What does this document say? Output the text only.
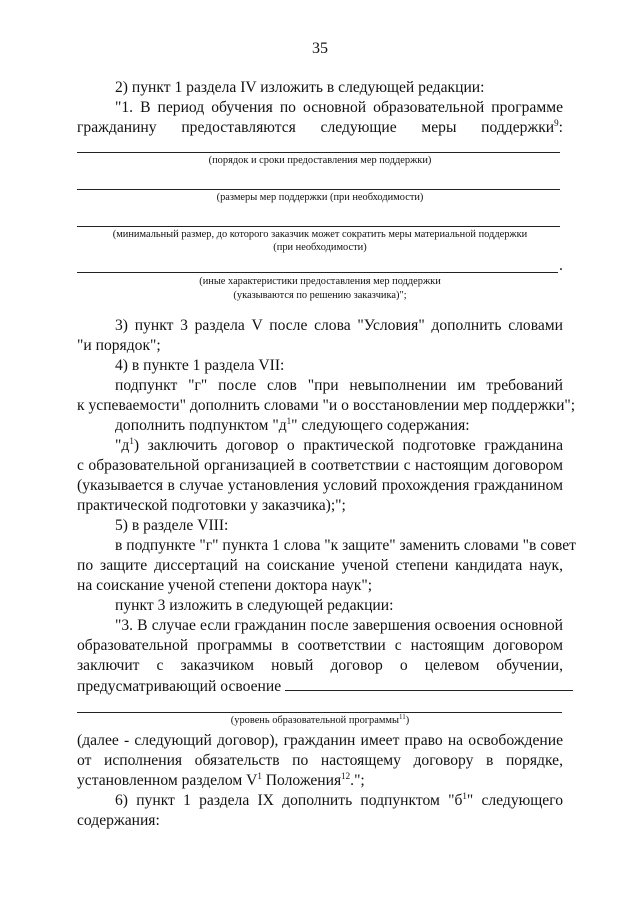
35
2) пункт 1 раздела IV изложить в следующей редакции:
"1. В период обучения по основной образовательной программе
гражданину предоставляются следующие меры поддержки$^9$:
(порядок и сроки предоставления мер поддержки)
(размеры мер поддержки (при необходимости)
(минимальный размер, до которого заказчик может сократить меры материальной поддержки
(при необходимости)
.
(иные характеристики предоставления мер поддержки
(указываются по решению заказчика)";
3) пункт 3 раздела V после слова "Условия" дополнить словами
"и порядок";
4) в пункте 1 раздела VII:
подпункт "г" после слов "при невыполнении им требований
к успеваемости" дополнить словами "и о восстановлении мер поддержки";
дополнить подпунктом "$д^1$" следующего содержания:
"$д^1$) заключить договор о практической подготовке гражданина
с образовательной организацией в соответствии с настоящим договором
(указывается в случае установления условий прохождения гражданином
практической подготовки у заказчика);";
5) в разделе VIII:
в подпункте "г" пункта 1 слова "к защите" заменить словами "в совет
по защите диссертаций на соискание ученой степени кандидата наук,
на соискание ученой степени доктора наук";
пункт 3 изложить в следующей редакции:
"3. В случае если гражданин после завершения освоения основной
образовательной программы в соответствии с настоящим договором
заключит с заказчиком новый договор о целевом обучении,
предусматривающий освоение
(уровень образовательной программы$^{11}$)
(далее - следующий договор), гражданин имеет право на освобождение
от исполнения обязательств по настоящему договору в порядке,
установленном разделом $V^1$ Положения$^{12}$.";
6) пункт 1 раздела IX дополнить подпунктом "$б^1$" следующего
содержания:
